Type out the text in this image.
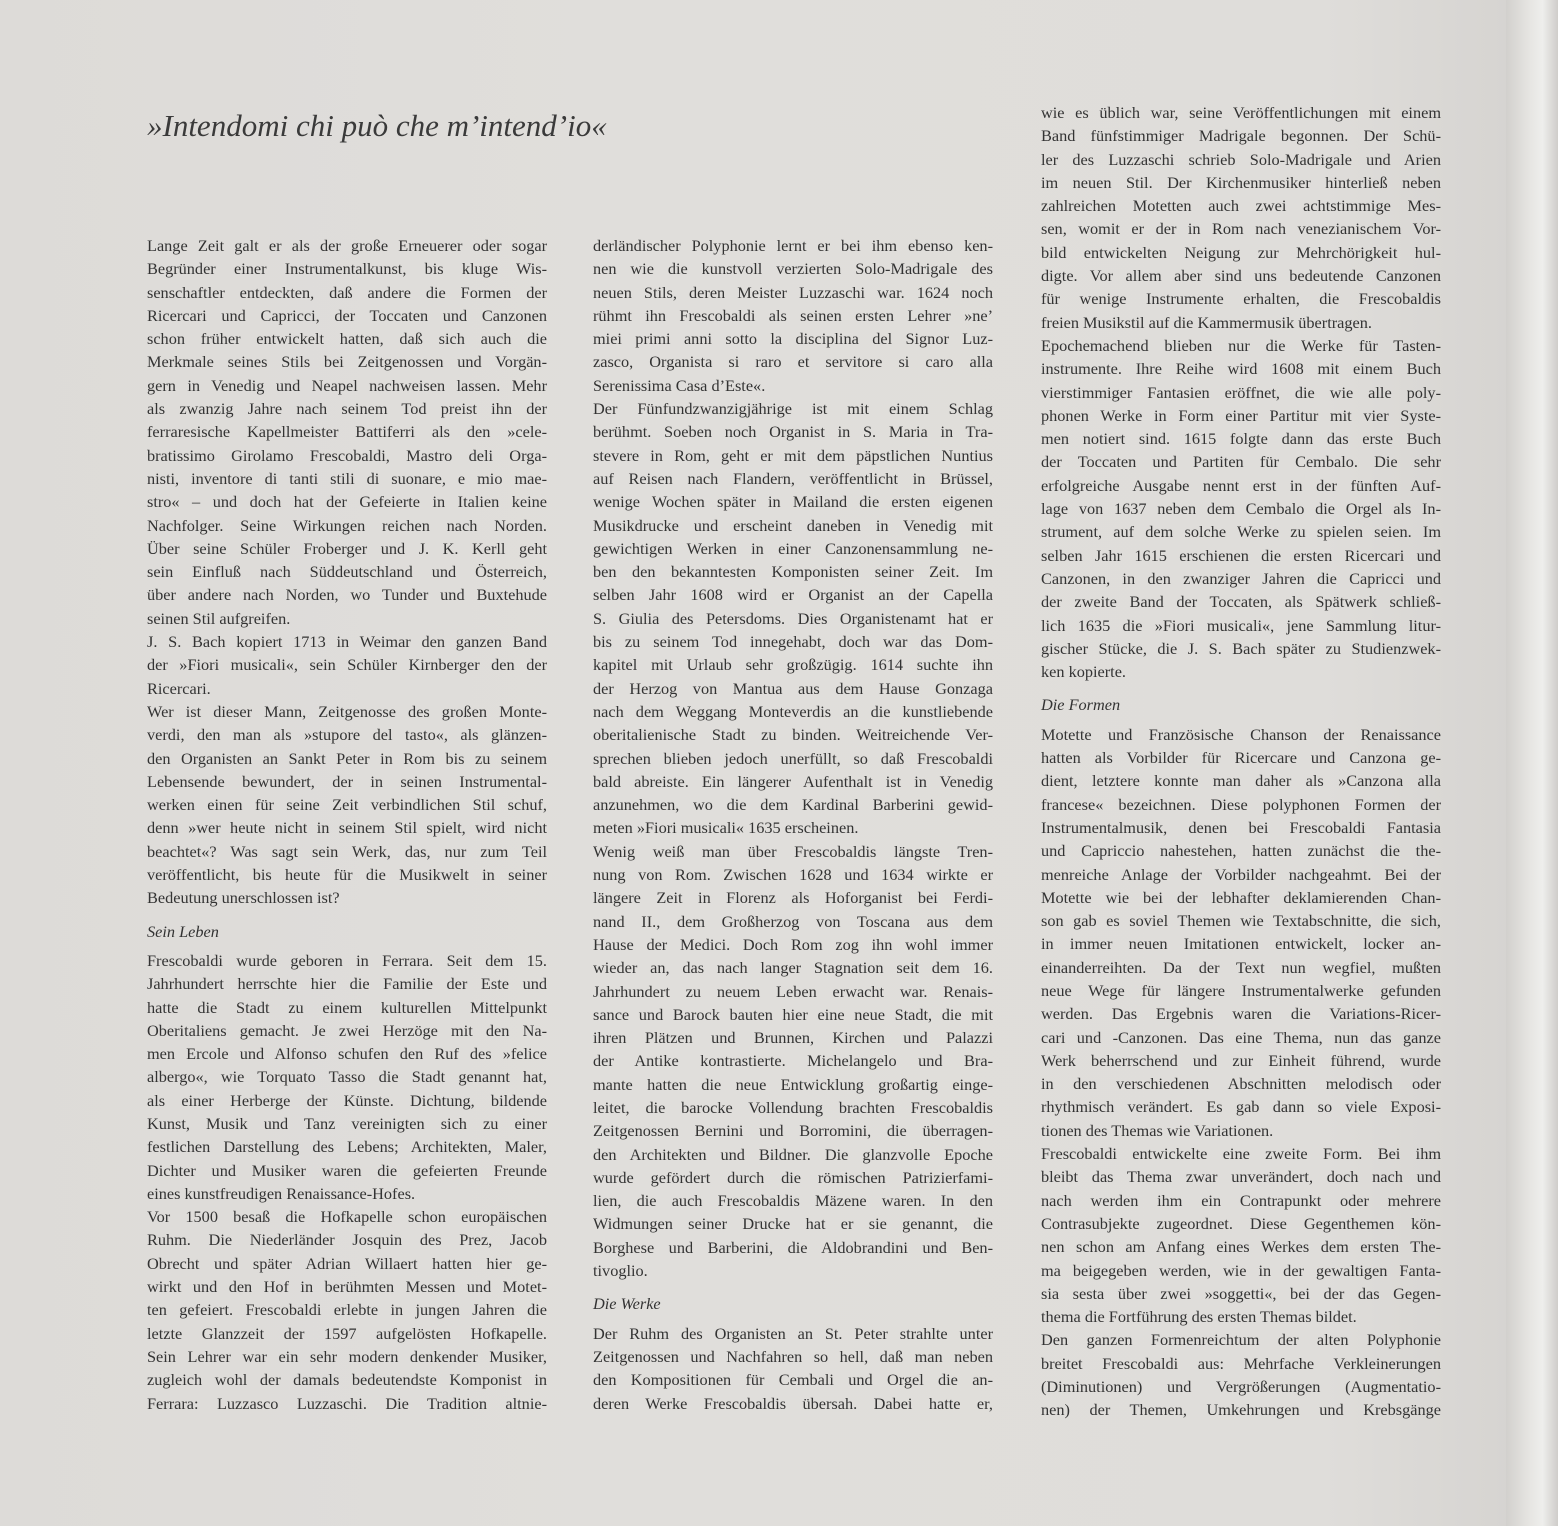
»Intendomi chi può che m’intend’io«
Lange Zeit galt er als der große Erneuerer oder sogar
Begründer einer Instrumentalkunst, bis kluge Wis-
senschaftler entdeckten, daß andere die Formen der
Ricercari und Capricci, der Toccaten und Canzonen
schon früher entwickelt hatten, daß sich auch die
Merkmale seines Stils bei Zeitgenossen und Vorgän-
gern in Venedig und Neapel nachweisen lassen. Mehr
als zwanzig Jahre nach seinem Tod preist ihn der
ferraresische Kapellmeister Battiferri als den »cele-
bratissimo Girolamo Frescobaldi, Mastro deli Orga-
nisti, inventore di tanti stili di suonare, e mio mae-
stro« – und doch hat der Gefeierte in Italien keine
Nachfolger. Seine Wirkungen reichen nach Norden.
Über seine Schüler Froberger und J. K. Kerll geht
sein Einfluß nach Süddeutschland und Österreich,
über andere nach Norden, wo Tunder und Buxtehude
seinen Stil aufgreifen.
J. S. Bach kopiert 1713 in Weimar den ganzen Band
der »Fiori musicali«, sein Schüler Kirnberger den der
Ricercari.
Wer ist dieser Mann, Zeitgenosse des großen Monte-
verdi, den man als »stupore del tasto«, als glänzen-
den Organisten an Sankt Peter in Rom bis zu seinem
Lebensende bewundert, der in seinen Instrumental-
werken einen für seine Zeit verbindlichen Stil schuf,
denn »wer heute nicht in seinem Stil spielt, wird nicht
beachtet«? Was sagt sein Werk, das, nur zum Teil
veröffentlicht, bis heute für die Musikwelt in seiner
Bedeutung unerschlossen ist?
Sein Leben
Frescobaldi wurde geboren in Ferrara. Seit dem 15.
Jahrhundert herrschte hier die Familie der Este und
hatte die Stadt zu einem kulturellen Mittelpunkt
Oberitaliens gemacht. Je zwei Herzöge mit den Na-
men Ercole und Alfonso schufen den Ruf des »felice
albergo«, wie Torquato Tasso die Stadt genannt hat,
als einer Herberge der Künste. Dichtung, bildende
Kunst, Musik und Tanz vereinigten sich zu einer
festlichen Darstellung des Lebens; Architekten, Maler,
Dichter und Musiker waren die gefeierten Freunde
eines kunstfreudigen Renaissance-Hofes.
Vor 1500 besaß die Hofkapelle schon europäischen
Ruhm. Die Niederländer Josquin des Prez, Jacob
Obrecht und später Adrian Willaert hatten hier ge-
wirkt und den Hof in berühmten Messen und Motet-
ten gefeiert. Frescobaldi erlebte in jungen Jahren die
letzte Glanzzeit der 1597 aufgelösten Hofkapelle.
Sein Lehrer war ein sehr modern denkender Musiker,
zugleich wohl der damals bedeutendste Komponist in
Ferrara: Luzzasco Luzzaschi. Die Tradition altnie-
derländischer Polyphonie lernt er bei ihm ebenso ken-
nen wie die kunstvoll verzierten Solo-Madrigale des
neuen Stils, deren Meister Luzzaschi war. 1624 noch
rühmt ihn Frescobaldi als seinen ersten Lehrer »ne’
miei primi anni sotto la disciplina del Signor Luz-
zasco, Organista si raro et servitore si caro alla
Serenissima Casa d’Este«.
Der Fünfundzwanzigjährige ist mit einem Schlag
berühmt. Soeben noch Organist in S. Maria in Tra-
stevere in Rom, geht er mit dem päpstlichen Nuntius
auf Reisen nach Flandern, veröffentlicht in Brüssel,
wenige Wochen später in Mailand die ersten eigenen
Musikdrucke und erscheint daneben in Venedig mit
gewichtigen Werken in einer Canzonensammlung ne-
ben den bekanntesten Komponisten seiner Zeit. Im
selben Jahr 1608 wird er Organist an der Capella
S. Giulia des Petersdoms. Dies Organistenamt hat er
bis zu seinem Tod innegehabt, doch war das Dom-
kapitel mit Urlaub sehr großzügig. 1614 suchte ihn
der Herzog von Mantua aus dem Hause Gonzaga
nach dem Weggang Monteverdis an die kunstliebende
oberitalienische Stadt zu binden. Weitreichende Ver-
sprechen blieben jedoch unerfüllt, so daß Frescobaldi
bald abreiste. Ein längerer Aufenthalt ist in Venedig
anzunehmen, wo die dem Kardinal Barberini gewid-
meten »Fiori musicali« 1635 erscheinen.
Wenig weiß man über Frescobaldis längste Tren-
nung von Rom. Zwischen 1628 und 1634 wirkte er
längere Zeit in Florenz als Hoforganist bei Ferdi-
nand II., dem Großherzog von Toscana aus dem
Hause der Medici. Doch Rom zog ihn wohl immer
wieder an, das nach langer Stagnation seit dem 16.
Jahrhundert zu neuem Leben erwacht war. Renais-
sance und Barock bauten hier eine neue Stadt, die mit
ihren Plätzen und Brunnen, Kirchen und Palazzi
der Antike kontrastierte. Michelangelo und Bra-
mante hatten die neue Entwicklung großartig einge-
leitet, die barocke Vollendung brachten Frescobaldis
Zeitgenossen Bernini und Borromini, die überragen-
den Architekten und Bildner. Die glanzvolle Epoche
wurde gefördert durch die römischen Patrizierfami-
lien, die auch Frescobaldis Mäzene waren. In den
Widmungen seiner Drucke hat er sie genannt, die
Borghese und Barberini, die Aldobrandini und Ben-
tivoglio.
Die Werke
Der Ruhm des Organisten an St. Peter strahlte unter
Zeitgenossen und Nachfahren so hell, daß man neben
den Kompositionen für Cembali und Orgel die an-
deren Werke Frescobaldis übersah. Dabei hatte er,
wie es üblich war, seine Veröffentlichungen mit einem
Band fünfstimmiger Madrigale begonnen. Der Schü-
ler des Luzzaschi schrieb Solo-Madrigale und Arien
im neuen Stil. Der Kirchenmusiker hinterließ neben
zahlreichen Motetten auch zwei achtstimmige Mes-
sen, womit er der in Rom nach venezianischem Vor-
bild entwickelten Neigung zur Mehrchörigkeit hul-
digte. Vor allem aber sind uns bedeutende Canzonen
für wenige Instrumente erhalten, die Frescobaldis
freien Musikstil auf die Kammermusik übertragen.
Epochemachend blieben nur die Werke für Tasten-
instrumente. Ihre Reihe wird 1608 mit einem Buch
vierstimmiger Fantasien eröffnet, die wie alle poly-
phonen Werke in Form einer Partitur mit vier Syste-
men notiert sind. 1615 folgte dann das erste Buch
der Toccaten und Partiten für Cembalo. Die sehr
erfolgreiche Ausgabe nennt erst in der fünften Auf-
lage von 1637 neben dem Cembalo die Orgel als In-
strument, auf dem solche Werke zu spielen seien. Im
selben Jahr 1615 erschienen die ersten Ricercari und
Canzonen, in den zwanziger Jahren die Capricci und
der zweite Band der Toccaten, als Spätwerk schließ-
lich 1635 die »Fiori musicali«, jene Sammlung litur-
gischer Stücke, die J. S. Bach später zu Studienzwek-
ken kopierte.
Die Formen
Motette und Französische Chanson der Renaissance
hatten als Vorbilder für Ricercare und Canzona ge-
dient, letztere konnte man daher als »Canzona alla
francese« bezeichnen. Diese polyphonen Formen der
Instrumentalmusik, denen bei Frescobaldi Fantasia
und Capriccio nahestehen, hatten zunächst die the-
menreiche Anlage der Vorbilder nachgeahmt. Bei der
Motette wie bei der lebhafter deklamierenden Chan-
son gab es soviel Themen wie Textabschnitte, die sich,
in immer neuen Imitationen entwickelt, locker an-
einanderreihten. Da der Text nun wegfiel, mußten
neue Wege für längere Instrumentalwerke gefunden
werden. Das Ergebnis waren die Variations-Ricer-
cari und -Canzonen. Das eine Thema, nun das ganze
Werk beherrschend und zur Einheit führend, wurde
in den verschiedenen Abschnitten melodisch oder
rhythmisch verändert. Es gab dann so viele Exposi-
tionen des Themas wie Variationen.
Frescobaldi entwickelte eine zweite Form. Bei ihm
bleibt das Thema zwar unverändert, doch nach und
nach werden ihm ein Contrapunkt oder mehrere
Contrasubjekte zugeordnet. Diese Gegenthemen kön-
nen schon am Anfang eines Werkes dem ersten The-
ma beigegeben werden, wie in der gewaltigen Fanta-
sia sesta über zwei »soggetti«, bei der das Gegen-
thema die Fortführung des ersten Themas bildet.
Den ganzen Formenreichtum der alten Polyphonie
breitet Frescobaldi aus: Mehrfache Verkleinerungen
(Diminutionen) und Vergrößerungen (Augmentatio-
nen) der Themen, Umkehrungen und Krebsgänge
